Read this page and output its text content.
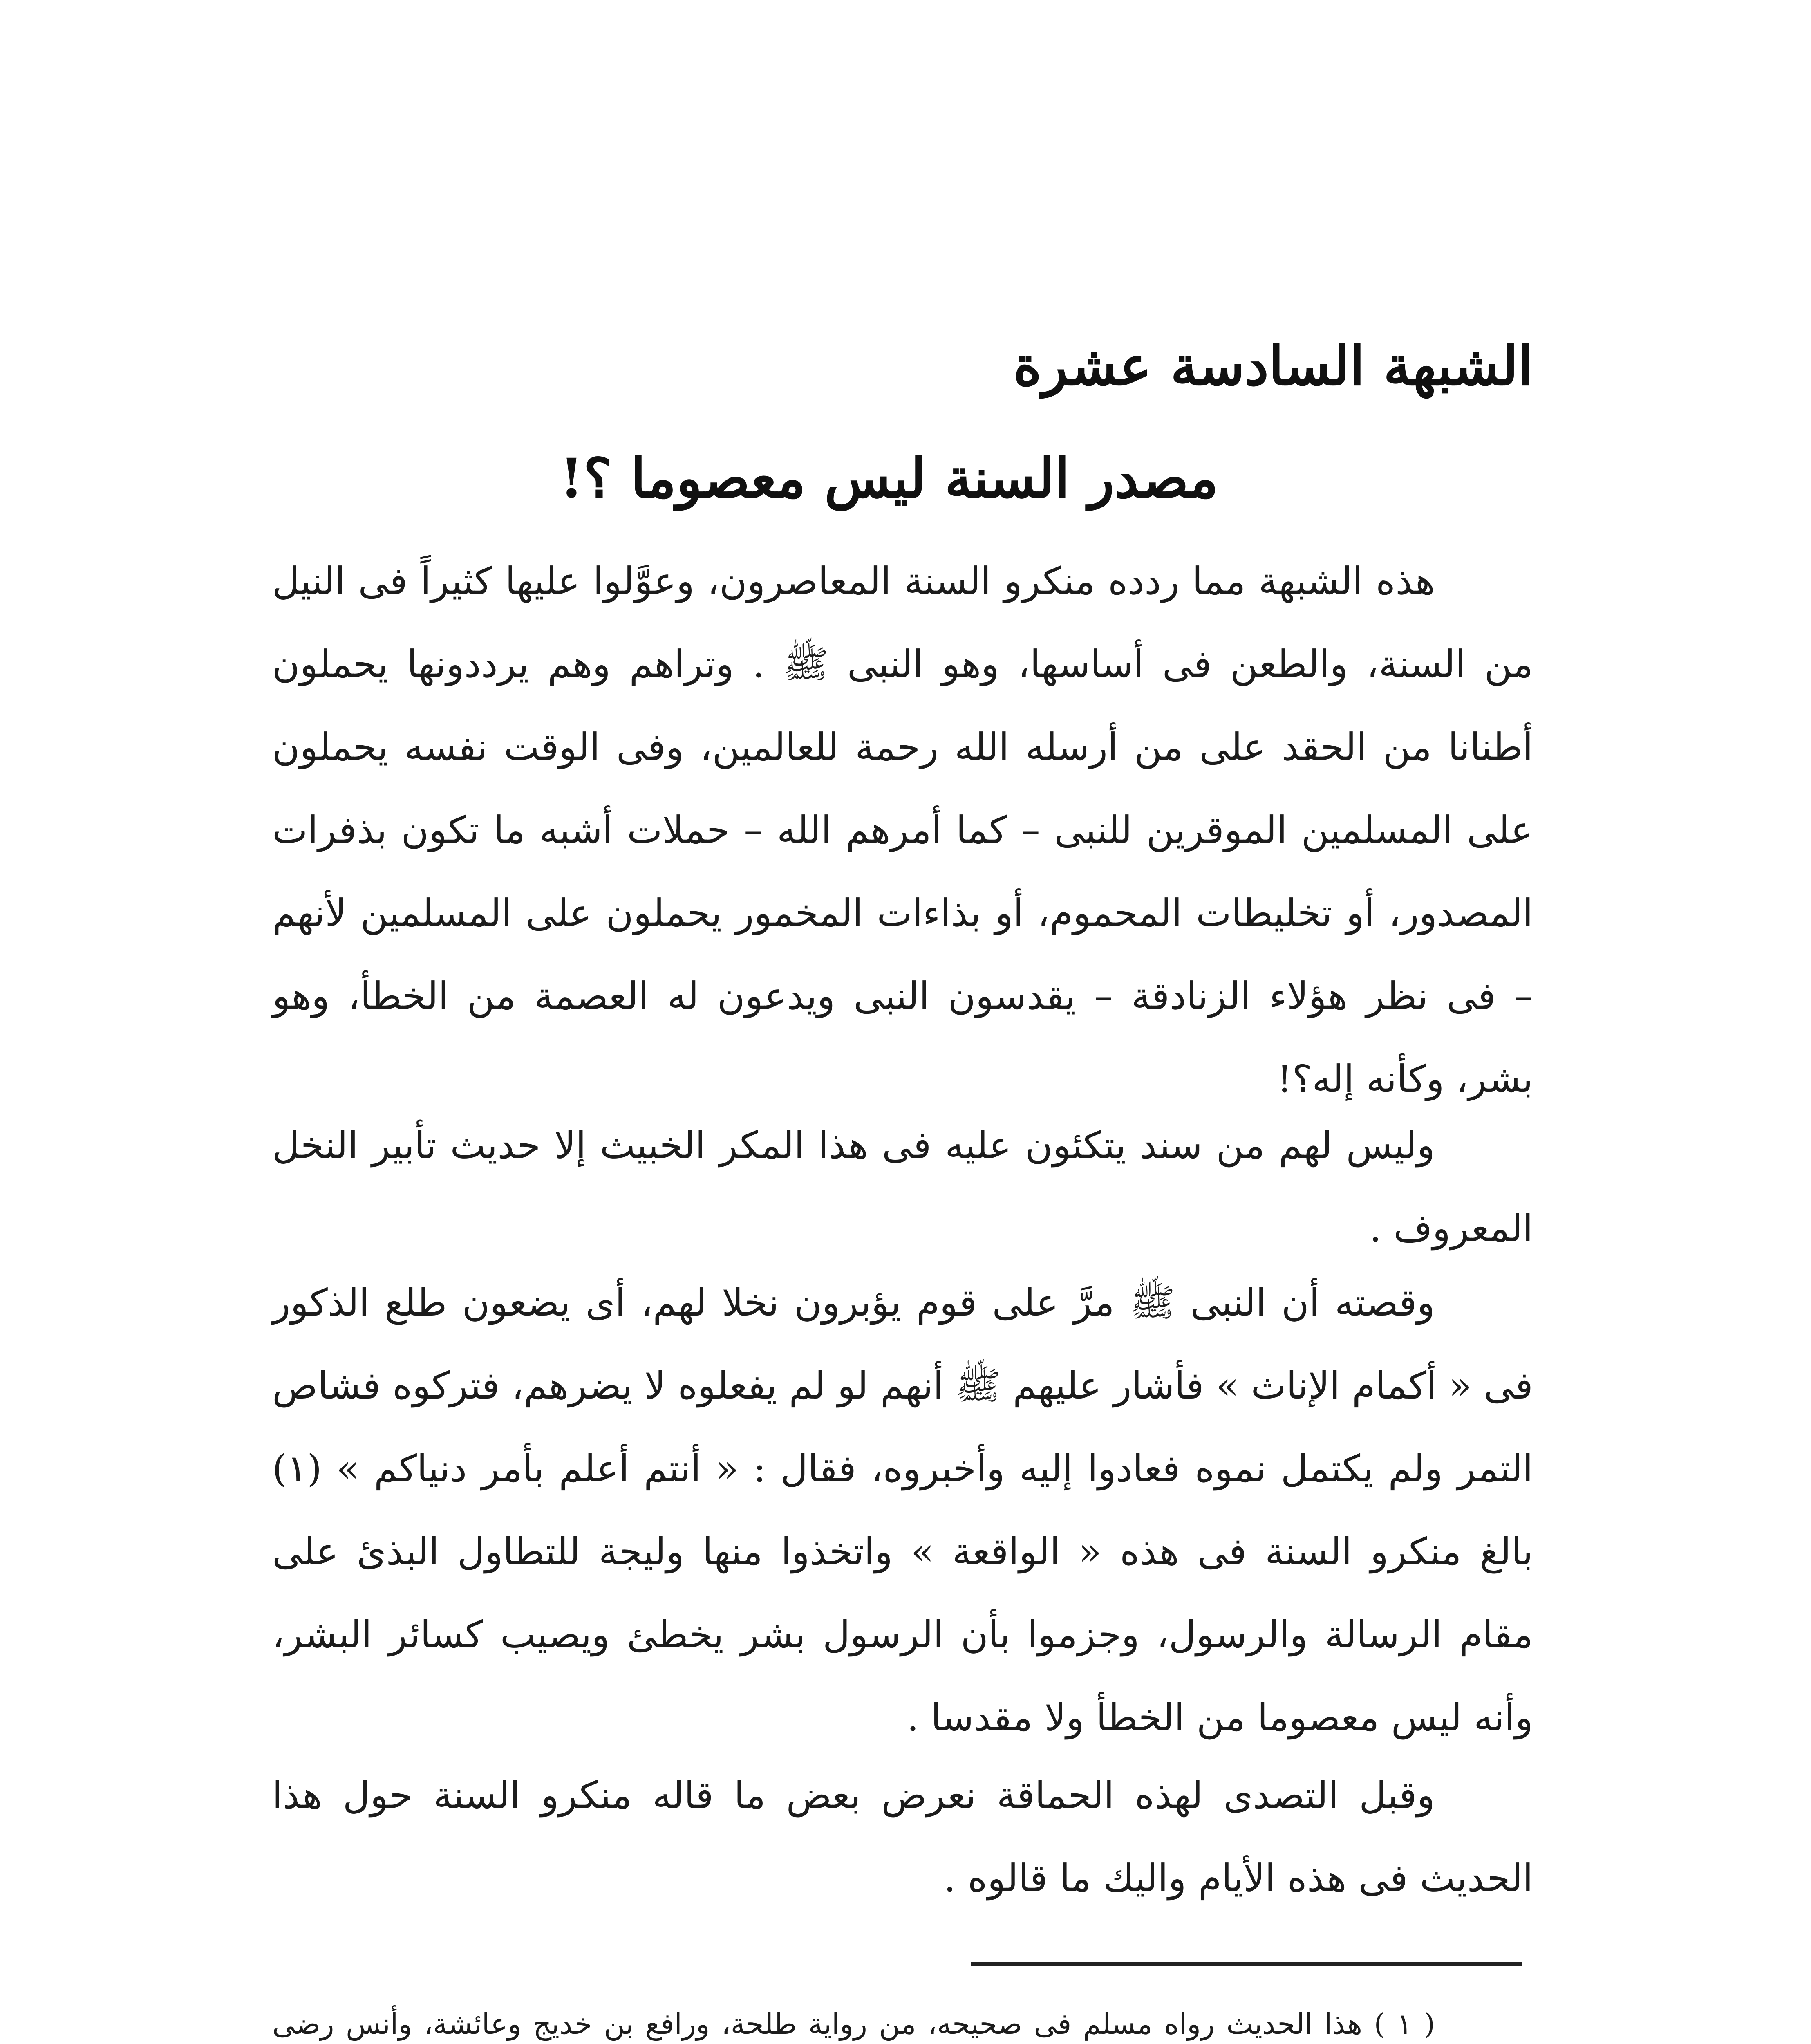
الشبهة السادسة عشرة
مصدر السنة ليس معصوما ؟!

هذه الشبهة مما ردده منكرو السنة المعاصرون، وعوَّلوا عليها كثيراً فى النيل من السنة، والطعن فى أساسها، وهو النبى ﷺ . وتراهم وهم يرددونها يحملون أطنانا من الحقد على من أرسله الله رحمة للعالمين، وفى الوقت نفسه يحملون على المسلمين الموقرين للنبى – كما أمرهم الله – حملات أشبه ما تكون بذفرات المصدور، أو تخليطات المحموم، أو بذاءات المخمور يحملون على المسلمين لأنهم – فى نظر هؤلاء الزنادقة – يقدسون النبى ويدعون له العصمة من الخطأ، وهو بشر، وكأنه إله؟!

وليس لهم من سند يتكئون عليه فى هذا المكر الخبيث إلا حديث تأبير النخل المعروف .

وقصته أن النبى ﷺ مرَّ على قوم يؤبرون نخلا لهم، أى يضعون طلع الذكور فى « أكمام الإناث » فأشار عليهم ﷺ أنهم لو لم يفعلوه لا يضرهم، فتركوه فشاص التمر ولم يكتمل نموه فعادوا إليه وأخبروه، فقال : « أنتم أعلم بأمر دنياكم » (١) بالغ منكرو السنة فى هذه « الواقعة » واتخذوا منها وليجة للتطاول البذئ على مقام الرسالة والرسول، وجزموا بأن الرسول بشر يخطئ ويصيب كسائر البشر، وأنه ليس معصوما من الخطأ ولا مقدسا .

وقبل التصدى لهذه الحماقة نعرض بعض ما قاله منكرو السنة حول هذا الحديث فى هذه الأيام واليك ما قالوه .

( ١ ) هذا الحديث رواه مسلم فى صحيحه، من رواية طلحة، ورافع بن خديج وعائشة، وأنس رضى
